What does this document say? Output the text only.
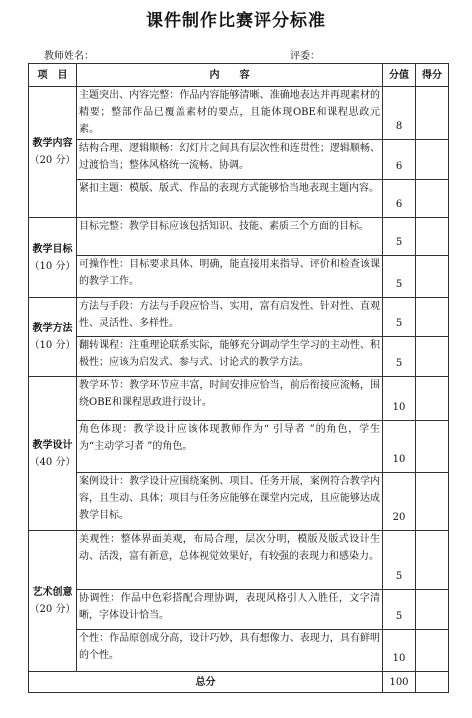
课件制作比赛评分标准
教师姓名：	评委：
项　目	内　　容	分值	得分

教学内容
（20 分）	主题突出、内容完整：作品内容能够清晰、准确地表达并再现素材的精要；整部作品已覆盖素材的要点，且能体现OBE和课程思政元素。	8	
	结构合理、逻辑顺畅：幻灯片之间具有层次性和连贯性；逻辑顺畅、过渡恰当；整体风格统一流畅、协调。	6	
	紧扣主题：模版、版式、作品的表现方式能够恰当地表现主题内容。	6	

教学目标
（10 分）	目标完整：教学目标应该包括知识、技能、素质三个方面的目标。	5	
	可操作性：目标要求具体、明确，能直接用来指导、评价和检查该课的教学工作。	5	

教学方法
（10 分）	方法与手段：方法与手段应恰当、实用，富有启发性、针对性、直观性、灵活性、多样性。	5	
	翻转课程：注重理论联系实际，能够充分调动学生学习的主动性、积极性；应该为启发式、参与式、讨论式的教学方法。	5	

教学设计
（40 分）	教学环节：教学环节应丰富，时间安排应恰当，前后衔接应流畅，围绕OBE和课程思政进行设计。	10	
	角色体现：教学设计应该体现教师作为“ 引导者 ”的角色，学生为“主动学习者 ”的角色。	10	
	案例设计：教学设计应围绕案例、项目、任务开展，案例符合教学内容，且生动、具体；项目与任务应能够在课堂内完成，且应能够达成教学目标。	20	

艺术创意
（20 分）	美观性：整体界面美观，布局合理，层次分明，模版及版式设计生动、活泼，富有新意，总体视觉效果好，有较强的表现力和感染力。	5	
	协调性：作品中色彩搭配合理协调，表现风格引人入胜任，文字清晰，字体设计恰当。	5	
	个性：作品原创成分高，设计巧妙，具有想像力、表现力，具有鲜明的个性。	10	
总分		100	
